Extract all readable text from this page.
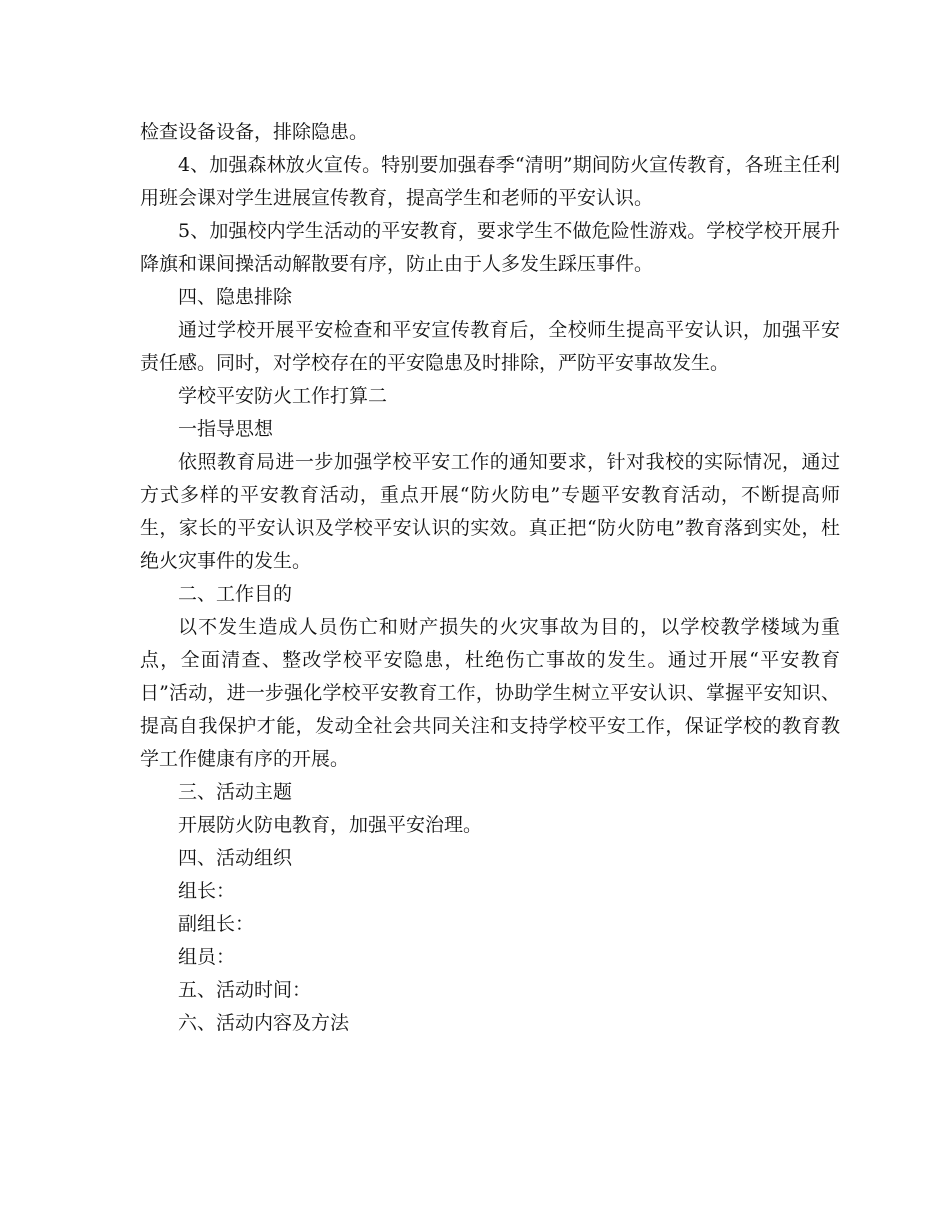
检查设备设备，排除隐患。

4、加强森林放火宣传。特别要加强春季“清明”期间防火宣传教育，各班主任利用班会课对学生进展宣传教育，提高学生和老师的平安认识。

5、加强校内学生活动的平安教育，要求学生不做危险性游戏。学校学校开展升降旗和课间操活动解散要有序，防止由于人多发生踩压事件。

四、隐患排除

通过学校开展平安检查和平安宣传教育后，全校师生提高平安认识，加强平安责任感。同时，对学校存在的平安隐患及时排除，严防平安事故发生。

学校平安防火工作打算二

一指导思想

依照教育局进一步加强学校平安工作的通知要求，针对我校的实际情况，通过方式多样的平安教育活动，重点开展“防火防电”专题平安教育活动，不断提高师生，家长的平安认识及学校平安认识的实效。真正把“防火防电”教育落到实处，杜绝火灾事件的发生。

二、工作目的

以不发生造成人员伤亡和财产损失的火灾事故为目的，以学校教学楼域为重点，全面清查、整改学校平安隐患，杜绝伤亡事故的发生。通过开展“平安教育日”活动，进一步强化学校平安教育工作，协助学生树立平安认识、掌握平安知识、提高自我保护才能，发动全社会共同关注和支持学校平安工作，保证学校的教育教学工作健康有序的开展。

三、活动主题

开展防火防电教育，加强平安治理。

四、活动组织

组长：

副组长：

组员：

五、活动时间：

六、活动内容及方法
